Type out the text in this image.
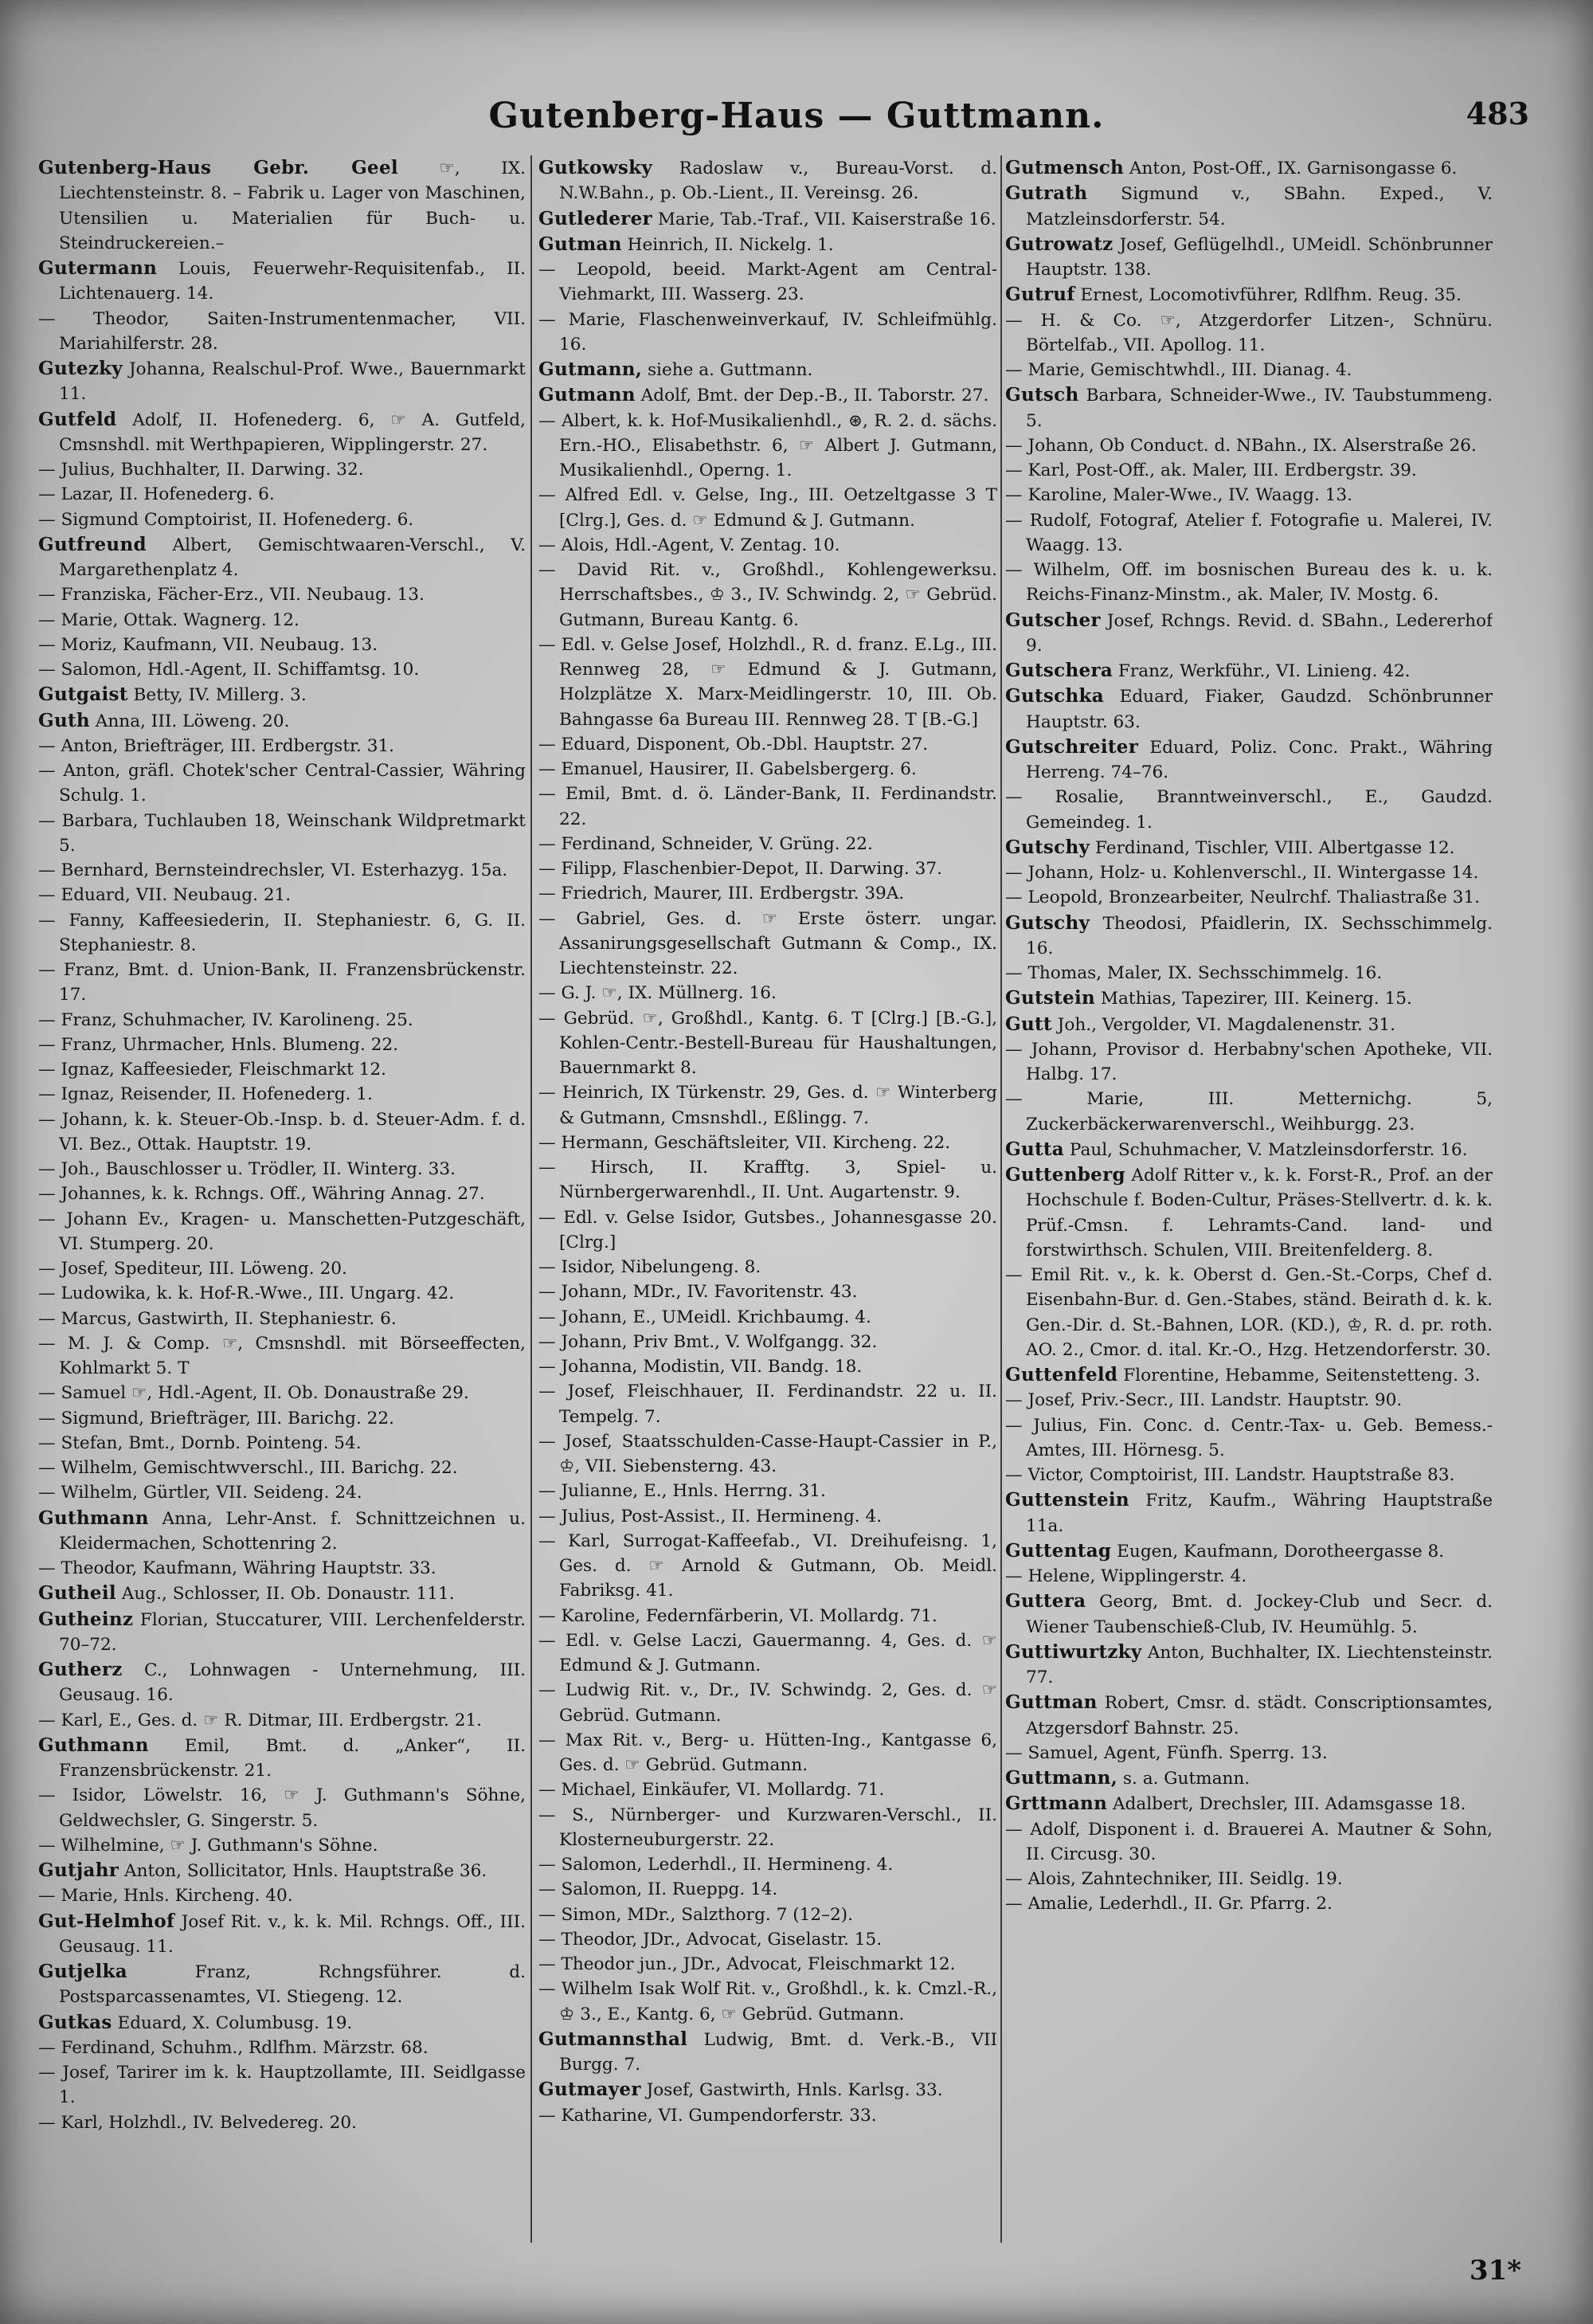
Gutenberg-Haus — Guttmann.	483

Gutenberg-Haus Gebr. Geel ☞, IX. Liechtensteinstr. 8. – Fabrik u. Lager von Maschinen, Utensilien u. Materialien für Buch- u. Steindruckereien.–

Gutermann Louis, Feuerwehr-Requisitenfab., II. Lichtenauerg. 14.

— Theodor, Saiten-Instrumentenmacher, VII. Mariahilferstr. 28.

Gutezky Johanna, Realschul-Prof. Wwe., Bauernmarkt 11.

Gutfeld Adolf, II. Hofenederg. 6, ☞ A. Gutfeld, Cmsnshdl. mit Werthpapieren, Wipplingerstr. 27.

— Julius, Buchhalter, II. Darwing. 32.

— Lazar, II. Hofenederg. 6.

— Sigmund Comptoirist, II. Hofenederg. 6.

Gutfreund Albert, Gemischtwaaren-Verschl., V. Margarethenplatz 4.

— Franziska, Fächer-Erz., VII. Neubaug. 13.

— Marie, Ottak. Wagnerg. 12.

— Moriz, Kaufmann, VII. Neubaug. 13.

— Salomon, Hdl.-Agent, II. Schiffamtsg. 10.

Gutgaist Betty, IV. Millerg. 3.

Guth Anna, III. Löweng. 20.

— Anton, Briefträger, III. Erdbergstr. 31.

— Anton, gräfl. Chotek'scher Central-Cassier, Währing Schulg. 1.

— Barbara, Tuchlauben 18, Weinschank Wildpretmarkt 5.

— Bernhard, Bernsteindrechsler, VI. Esterhazyg. 15a.

— Eduard, VII. Neubaug. 21.

— Fanny, Kaffeesiederin, II. Stephaniestr. 6, G. II. Stephaniestr. 8.

— Franz, Bmt. d. Union-Bank, II. Franzensbrückenstr. 17.

— Franz, Schuhmacher, IV. Karolineng. 25.

— Franz, Uhrmacher, Hnls. Blumeng. 22.

— Ignaz, Kaffeesieder, Fleischmarkt 12.

— Ignaz, Reisender, II. Hofenederg. 1.

— Johann, k. k. Steuer-Ob.-Insp. b. d. Steuer-Adm. f. d. VI. Bez., Ottak. Hauptstr. 19.

— Joh., Bauschlosser u. Trödler, II. Winterg. 33.

— Johannes, k. k. Rchngs. Off., Währing Annag. 27.

— Johann Ev., Kragen- u. Manschetten-Putzgeschäft, VI. Stumperg. 20.

— Josef, Spediteur, III. Löweng. 20.

— Ludowika, k. k. Hof-R.-Wwe., III. Ungarg. 42.

— Marcus, Gastwirth, II. Stephaniestr. 6.

— M. J. & Comp. ☞, Cmsnshdl. mit Börseeffecten, Kohlmarkt 5. T

— Samuel ☞, Hdl.-Agent, II. Ob. Donaustraße 29.

— Sigmund, Briefträger, III. Barichg. 22.

— Stefan, Bmt., Dornb. Pointeng. 54.

— Wilhelm, Gemischtwverschl., III. Barichg. 22.

— Wilhelm, Gürtler, VII. Seideng. 24.

Guthmann Anna, Lehr-Anst. f. Schnittzeichnen u. Kleidermachen, Schottenring 2.

— Theodor, Kaufmann, Währing Hauptstr. 33.

Gutheil Aug., Schlosser, II. Ob. Donaustr. 111.

Gutheinz Florian, Stuccaturer, VIII. Lerchenfelderstr. 70–72.

Gutherz C., Lohnwagen - Unternehmung, III. Geusaug. 16.

— Karl, E., Ges. d. ☞ R. Ditmar, III. Erdbergstr. 21.

Guthmann Emil, Bmt. d. „Anker“, II. Franzensbrückenstr. 21.

— Isidor, Löwelstr. 16, ☞ J. Guthmann's Söhne, Geldwechsler, G. Singerstr. 5.

— Wilhelmine, ☞ J. Guthmann's Söhne.

Gutjahr Anton, Sollicitator, Hnls. Hauptstraße 36.

— Marie, Hnls. Kircheng. 40.

Gut-Helmhof Josef Rit. v., k. k. Mil. Rchngs. Off., III. Geusaug. 11.

Gutjelka Franz, Rchngsführer. d. Postsparcassenamtes, VI. Stiegeng. 12.

Gutkas Eduard, X. Columbusg. 19.

— Ferdinand, Schuhm., Rdlfhm. Märzstr. 68.

— Josef, Tarirer im k. k. Hauptzollamte, III. Seidlgasse 1.

— Karl, Holzhdl., IV. Belvedereg. 20.

Gutkowsky Radoslaw v., Bureau-Vorst. d. N.W.Bahn., p. Ob.-Lient., II. Vereinsg. 26.

Gutlederer Marie, Tab.-Traf., VII. Kaiserstraße 16.

Gutman Heinrich, II. Nickelg. 1.

— Leopold, beeid. Markt-Agent am Central-Viehmarkt, III. Wasserg. 23.

— Marie, Flaschenweinverkauf, IV. Schleifmühlg. 16.

Gutmann, siehe a. Guttmann.

Gutmann Adolf, Bmt. der Dep.-B., II. Taborstr. 27.

— Albert, k. k. Hof-Musikalienhdl., ⊛, R. 2. d. sächs. Ern.-HO., Elisabethstr. 6, ☞ Albert J. Gutmann, Musikalienhdl., Operng. 1.

— Alfred Edl. v. Gelse, Ing., III. Oetzeltgasse 3 T [Clrg.], Ges. d. ☞ Edmund & J. Gutmann.

— Alois, Hdl.-Agent, V. Zentag. 10.

— David Rit. v., Großhdl., Kohlengewerksu. Herrschaftsbes., ♔ 3., IV. Schwindg. 2, ☞ Gebrüd. Gutmann, Bureau Kantg. 6.

— Edl. v. Gelse Josef, Holzhdl., R. d. franz. E.Lg., III. Rennweg 28, ☞ Edmund & J. Gutmann, Holzplätze X. Marx-Meidlingerstr. 10, III. Ob. Bahngasse 6a Bureau III. Rennweg 28. T [B.-G.]

— Eduard, Disponent, Ob.-Dbl. Hauptstr. 27.

— Emanuel, Hausirer, II. Gabelsbergerg. 6.

— Emil, Bmt. d. ö. Länder-Bank, II. Ferdinandstr. 22.

— Ferdinand, Schneider, V. Grüng. 22.

— Filipp, Flaschenbier-Depot, II. Darwing. 37.

— Friedrich, Maurer, III. Erdbergstr. 39A.

— Gabriel, Ges. d. ☞ Erste österr. ungar. Assanirungsgesellschaft Gutmann & Comp., IX. Liechtensteinstr. 22.

— G. J. ☞, IX. Müllnerg. 16.

— Gebrüd. ☞, Großhdl., Kantg. 6. T [Clrg.] [B.-G.], Kohlen-Centr.-Bestell-Bureau für Haushaltungen, Bauernmarkt 8.

— Heinrich, IX Türkenstr. 29, Ges. d. ☞ Winterberg & Gutmann, Cmsnshdl., Eßlingg. 7.

— Hermann, Geschäftsleiter, VII. Kircheng. 22.

— Hirsch, II. Krafftg. 3, Spiel- u. Nürnbergerwarenhdl., II. Unt. Augartenstr. 9.

— Edl. v. Gelse Isidor, Gutsbes., Johannesgasse 20. [Clrg.]

— Isidor, Nibelungeng. 8.

— Johann, MDr., IV. Favoritenstr. 43.

— Johann, E., UMeidl. Krichbaumg. 4.

— Johann, Priv Bmt., V. Wolfgangg. 32.

— Johanna, Modistin, VII. Bandg. 18.

— Josef, Fleischhauer, II. Ferdinandstr. 22 u. II. Tempelg. 7.

— Josef, Staatsschulden-Casse-Haupt-Cassier in P., ♔, VII. Siebensterng. 43.

— Julianne, E., Hnls. Herrng. 31.

— Julius, Post-Assist., II. Hermineng. 4.

— Karl, Surrogat-Kaffeefab., VI. Dreihufeisng. 1, Ges. d. ☞ Arnold & Gutmann, Ob. Meidl. Fabriksg. 41.

— Karoline, Federnfärberin, VI. Mollardg. 71.

— Edl. v. Gelse Laczi, Gauermanng. 4, Ges. d. ☞ Edmund & J. Gutmann.

— Ludwig Rit. v., Dr., IV. Schwindg. 2, Ges. d. ☞ Gebrüd. Gutmann.

— Max Rit. v., Berg- u. Hütten-Ing., Kantgasse 6, Ges. d. ☞ Gebrüd. Gutmann.

— Michael, Einkäufer, VI. Mollardg. 71.

— S., Nürnberger- und Kurzwaren-Verschl., II. Klosterneuburgerstr. 22.

— Salomon, Lederhdl., II. Hermineng. 4.

— Salomon, II. Rueppg. 14.

— Simon, MDr., Salzthorg. 7 (12–2).

— Theodor, JDr., Advocat, Giselastr. 15.

— Theodor jun., JDr., Advocat, Fleischmarkt 12.

— Wilhelm Isak Wolf Rit. v., Großhdl., k. k. Cmzl.-R., ♔ 3., E., Kantg. 6, ☞ Gebrüd. Gutmann.

Gutmannsthal Ludwig, Bmt. d. Verk.-B., VII Burgg. 7.

Gutmayer Josef, Gastwirth, Hnls. Karlsg. 33.

— Katharine, VI. Gumpendorferstr. 33.

Gutmensch Anton, Post-Off., IX. Garnisongasse 6.

Gutrath Sigmund v., SBahn. Exped., V. Matzleinsdorferstr. 54.

Gutrowatz Josef, Geflügelhdl., UMeidl. Schönbrunner Hauptstr. 138.

Gutruf Ernest, Locomotivführer, Rdlfhm. Reug. 35.

— H. & Co. ☞, Atzgerdorfer Litzen-, Schnüru. Börtelfab., VII. Apollog. 11.

— Marie, Gemischtwhdl., III. Dianag. 4.

Gutsch Barbara, Schneider-Wwe., IV. Taubstummeng. 5.

— Johann, Ob Conduct. d. NBahn., IX. Alserstraße 26.

— Karl, Post-Off., ak. Maler, III. Erdbergstr. 39.

— Karoline, Maler-Wwe., IV. Waagg. 13.

— Rudolf, Fotograf, Atelier f. Fotografie u. Malerei, IV. Waagg. 13.

— Wilhelm, Off. im bosnischen Bureau des k. u. k. Reichs-Finanz-Minstm., ak. Maler, IV. Mostg. 6.

Gutscher Josef, Rchngs. Revid. d. SBahn., Ledererhof 9.

Gutschera Franz, Werkführ., VI. Linieng. 42.

Gutschka Eduard, Fiaker, Gaudzd. Schönbrunner Hauptstr. 63.

Gutschreiter Eduard, Poliz. Conc. Prakt., Währing Herreng. 74–76.

— Rosalie, Branntweinverschl., E., Gaudzd. Gemeindeg. 1.

Gutschy Ferdinand, Tischler, VIII. Albertgasse 12.

— Johann, Holz- u. Kohlenverschl., II. Wintergasse 14.

— Leopold, Bronzearbeiter, Neulrchf. Thaliastraße 31.

Gutschy Theodosi, Pfaidlerin, IX. Sechsschimmelg. 16.

— Thomas, Maler, IX. Sechsschimmelg. 16.

Gutstein Mathias, Tapezirer, III. Keinerg. 15.

Gutt Joh., Vergolder, VI. Magdalenenstr. 31.

— Johann, Provisor d. Herbabny'schen Apotheke, VII. Halbg. 17.

— Marie, III. Metternichg. 5, Zuckerbäckerwarenverschl., Weihburgg. 23.

Gutta Paul, Schuhmacher, V. Matzleinsdorferstr. 16.

Guttenberg Adolf Ritter v., k. k. Forst-R., Prof. an der Hochschule f. Boden-Cultur, Präses-Stellvertr. d. k. k. Prüf.-Cmsn. f. Lehramts-Cand. land- und forstwirthsch. Schulen, VIII. Breitenfelderg. 8.

— Emil Rit. v., k. k. Oberst d. Gen.-St.-Corps, Chef d. Eisenbahn-Bur. d. Gen.-Stabes, ständ. Beirath d. k. k. Gen.-Dir. d. St.-Bahnen, LOR. (KD.), ♔, R. d. pr. roth. AO. 2., Cmor. d. ital. Kr.-O., Hzg. Hetzendorferstr. 30.

Guttenfeld Florentine, Hebamme, Seitenstetteng. 3.

— Josef, Priv.-Secr., III. Landstr. Hauptstr. 90.

— Julius, Fin. Conc. d. Centr.-Tax- u. Geb. Bemess.-Amtes, III. Hörnesg. 5.

— Victor, Comptoirist, III. Landstr. Hauptstraße 83.

Guttenstein Fritz, Kaufm., Währing Hauptstraße 11a.

Guttentag Eugen, Kaufmann, Dorotheergasse 8.

— Helene, Wipplingerstr. 4.

Guttera Georg, Bmt. d. Jockey-Club und Secr. d. Wiener Taubenschieß-Club, IV. Heumühlg. 5.

Guttiwurtzky Anton, Buchhalter, IX. Liechtensteinstr. 77.

Guttman Robert, Cmsr. d. städt. Conscriptionsamtes, Atzgersdorf Bahnstr. 25.

— Samuel, Agent, Fünfh. Sperrg. 13.

Guttmann, s. a. Gutmann.

Grttmann Adalbert, Drechsler, III. Adamsgasse 18.

— Adolf, Disponent i. d. Brauerei A. Mautner & Sohn, II. Circusg. 30.

— Alois, Zahntechniker, III. Seidlg. 19.

— Amalie, Lederhdl., II. Gr. Pfarrg. 2.

31*
